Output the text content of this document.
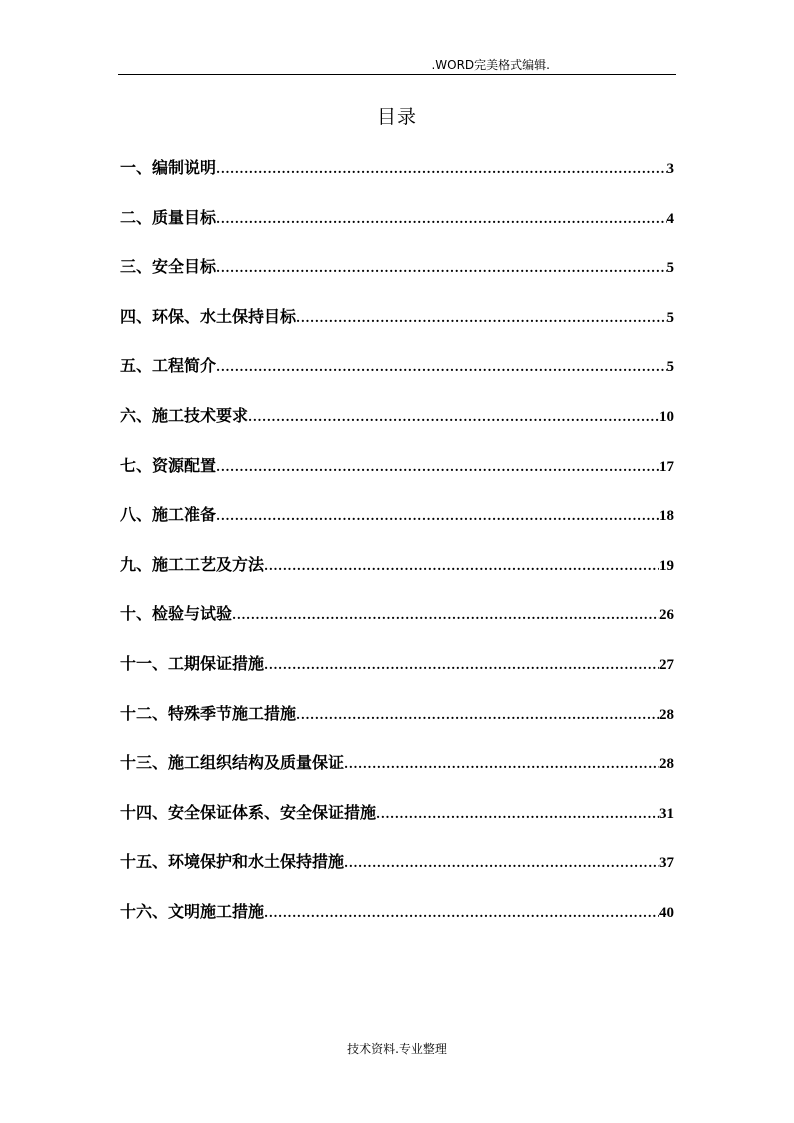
.WORD完美格式编辑.
目录
一、编制说明 .....	3
二、质量目标 .....	4
三、安全目标 .....	5
四、环保、水土保持目标 .....	5
五、工程简介 .....	5
六、施工技术要求 .....	10
七、资源配置 .....	17
八、施工准备 .....	18
九、施工工艺及方法 .....	19
十、检验与试验 .....	26
十一、工期保证措施 .....	27
十二、特殊季节施工措施 .....	28
十三、施工组织结构及质量保证 .....	28
十四、安全保证体系、安全保证措施 .....	31
十五、环境保护和水土保持措施 .....	37
十六、文明施工措施 .....	40
技术资料.专业整理
